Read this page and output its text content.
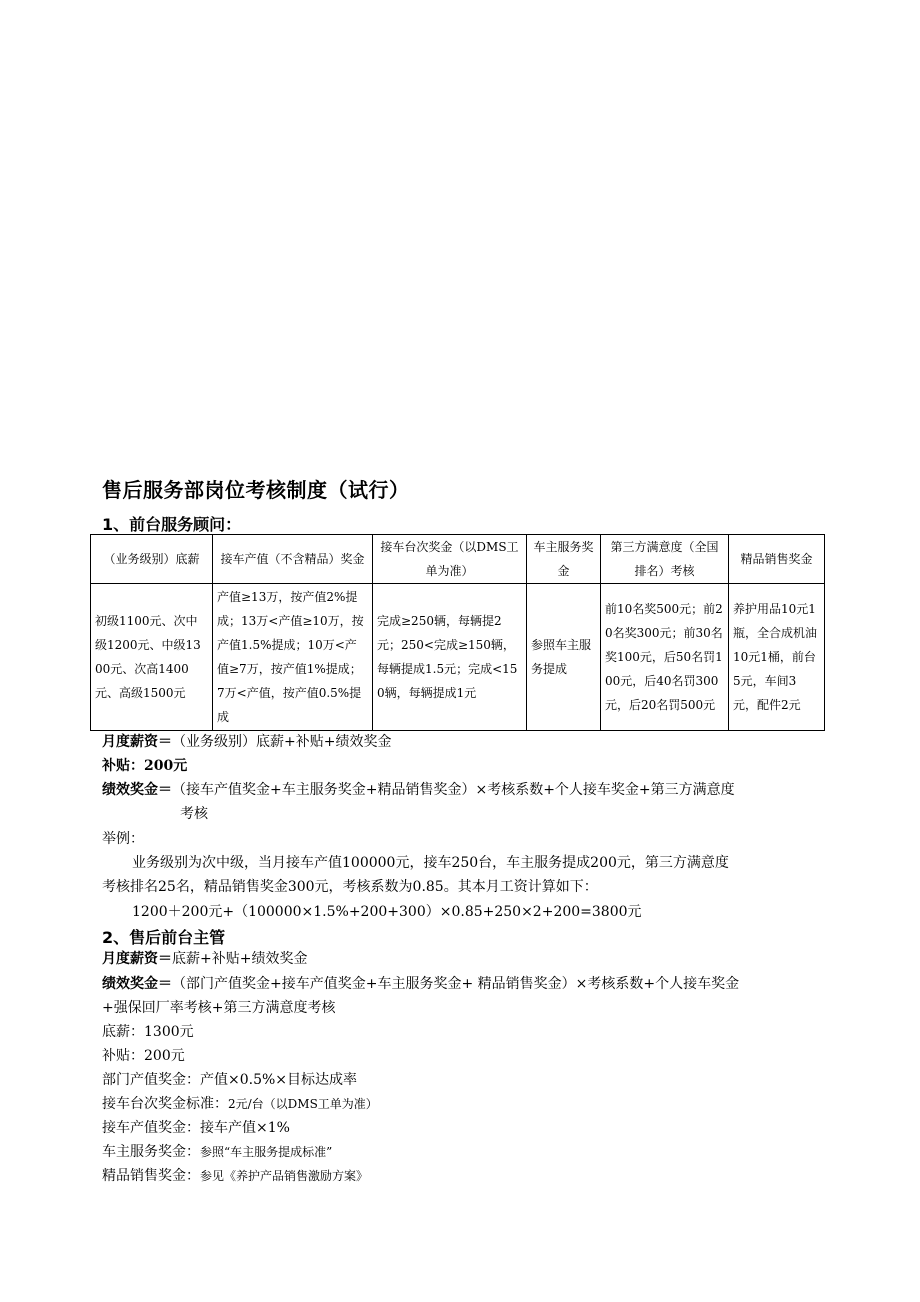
售后服务部岗位考核制度（试行）
1、前台服务顾问：
（业务级别）底薪	接车产值（不含精品）奖金	接车台次奖金（以DMS工单为准）	车主服务奖金	第三方满意度（全国排名）考核	精品销售奖金
初级1100元、次中级1200元、中级1300元、次高1400元、高级1500元	产值≥13万，按产值2%提成；13万<产值≥10万，按产值1.5%提成；10万<产值≥7万，按产值1%提成；7万<产值，按产值0.5%提成	完成≥250辆，每辆提2元；250<完成≥150辆，每辆提成1.5元；完成<150辆，每辆提成1元	参照车主服务提成	前10名奖500元；前20名奖300元；前30名奖100元，后50名罚100元，后40名罚300元，后20名罚500元	养护用品10元1瓶，全合成机油10元1桶，前台5元，车间3元，配件2元
月度薪资＝（业务级别）底薪+补贴+绩效奖金
补贴：200元
绩效奖金＝（接车产值奖金+车主服务奖金+精品销售奖金）×考核系数+个人接车奖金+第三方满意度
考核
举例：
业务级别为次中级，当月接车产值100000元，接车250台，车主服务提成200元，第三方满意度
考核排名25名，精品销售奖金300元，考核系数为0.85。其本月工资计算如下：
1200＋200元+（100000×1.5%+200+300）×0.85+250×2+200=3800元
2、售后前台主管
月度薪资＝底薪+补贴+绩效奖金
绩效奖金＝（部门产值奖金+接车产值奖金+车主服务奖金+ 精品销售奖金）×考核系数+个人接车奖金
+强保回厂率考核+第三方满意度考核
底薪：1300元
补贴：200元
部门产值奖金：产值×0.5%×目标达成率
接车台次奖金标准：2元/台（以DMS工单为准）
接车产值奖金：接车产值×1%
车主服务奖金：参照“车主服务提成标准”
精品销售奖金：参见《养护产品销售激励方案》
